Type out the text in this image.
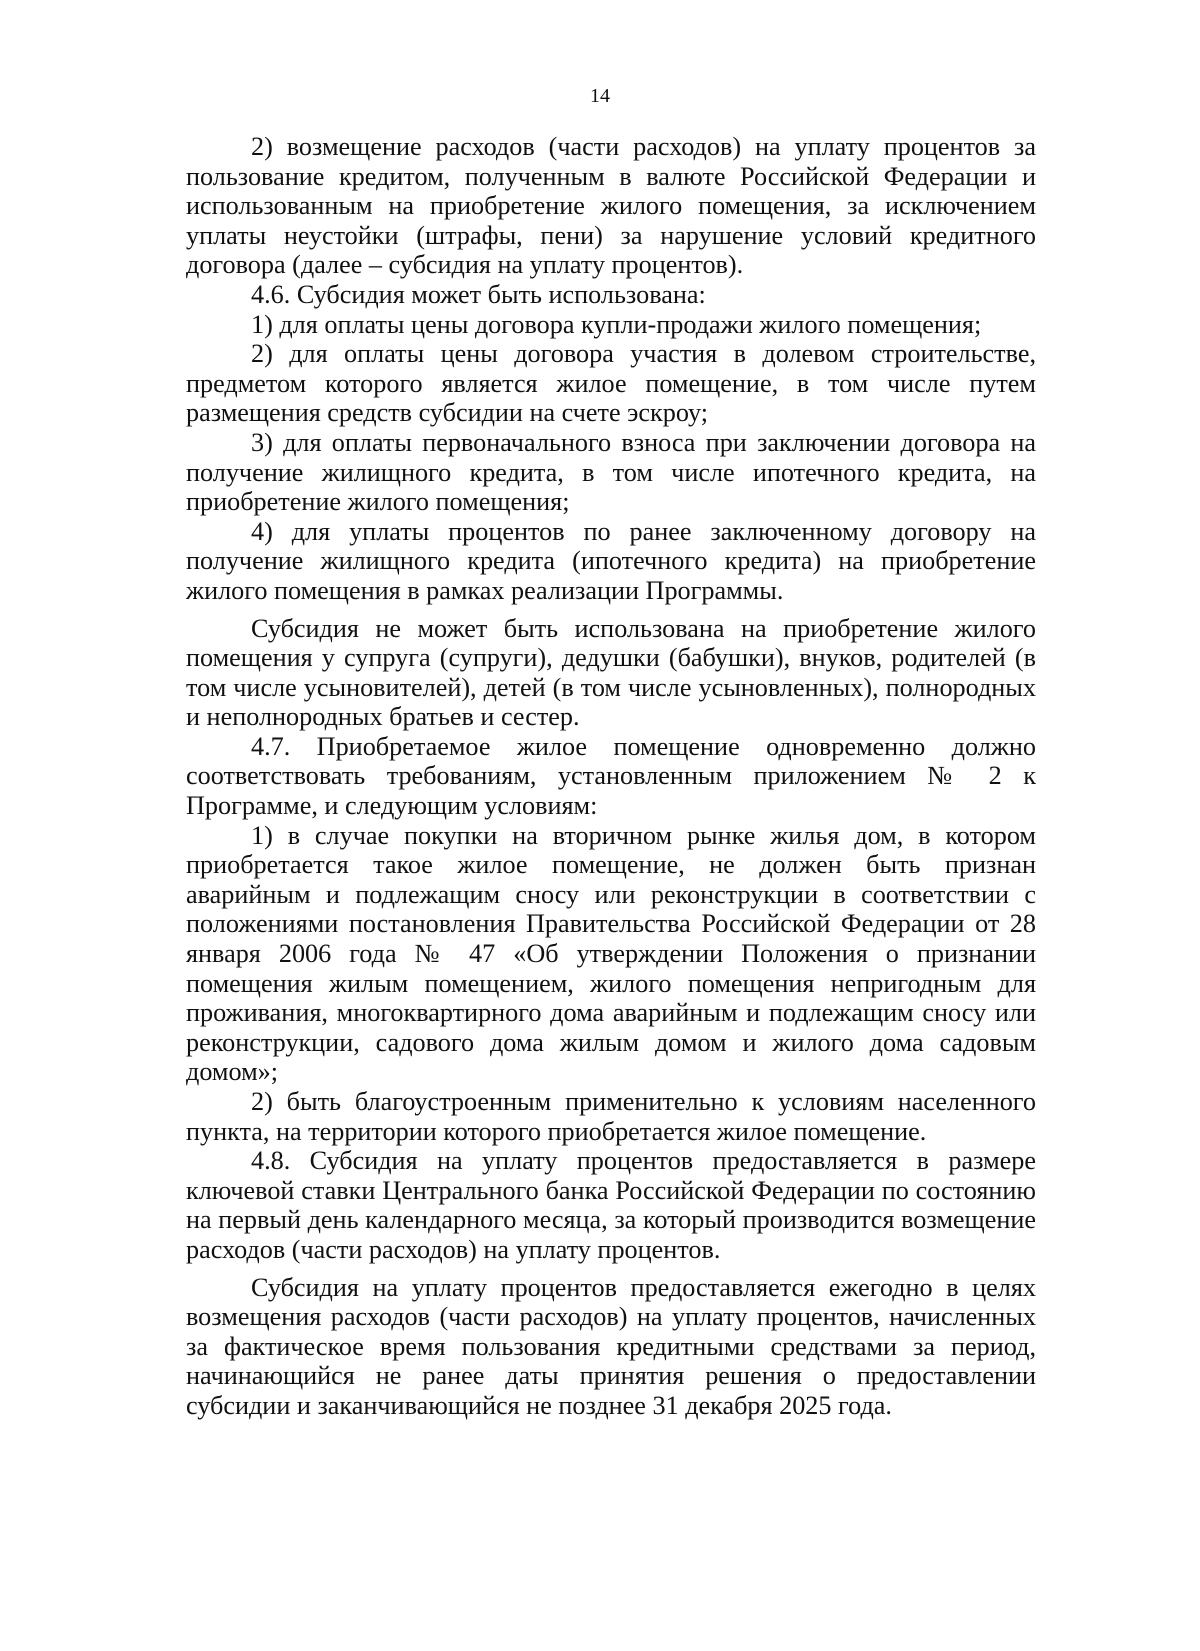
14

2) возмещение расходов (части расходов) на уплату процентов за пользование кредитом, полученным в валюте Российской Федерации и использованным на приобретение жилого помещения, за исключением уплаты неустойки (штрафы, пени) за нарушение условий кредитного договора (далее – субсидия на уплату процентов).

4.6. Субсидия может быть использована:

1) для оплаты цены договора купли-продажи жилого помещения;

2) для оплаты цены договора участия в долевом строительстве, предметом которого является жилое помещение, в том числе путем размещения средств субсидии на счете эскроу;

3) для оплаты первоначального взноса при заключении договора на получение жилищного кредита, в том числе ипотечного кредита, на приобретение жилого помещения;

4) для уплаты процентов по ранее заключенному договору на получение жилищного кредита (ипотечного кредита) на приобретение жилого помещения в рамках реализации Программы.

Субсидия не может быть использована на приобретение жилого помещения у супруга (супруги), дедушки (бабушки), внуков, родителей (в том числе усыновителей), детей (в том числе усыновленных), полнородных и неполнородных братьев и сестер.

4.7. Приобретаемое жилое помещение одновременно должно соответствовать требованиям, установленным приложением № 2 к Программе, и следующим условиям:

1) в случае покупки на вторичном рынке жилья дом, в котором приобретается такое жилое помещение, не должен быть признан аварийным и подлежащим сносу или реконструкции в соответствии с положениями постановления Правительства Российской Федерации от 28 января 2006 года № 47 «Об утверждении Положения о признании помещения жилым помещением, жилого помещения непригодным для проживания, многоквартирного дома аварийным и подлежащим сносу или реконструкции, садового дома жилым домом и жилого дома садовым домом»;

2) быть благоустроенным применительно к условиям населенного пункта, на территории которого приобретается жилое помещение.

4.8. Субсидия на уплату процентов предоставляется в размере ключевой ставки Центрального банка Российской Федерации по состоянию на первый день календарного месяца, за который производится возмещение расходов (части расходов) на уплату процентов.

Субсидия на уплату процентов предоставляется ежегодно в целях возмещения расходов (части расходов) на уплату процентов, начисленных за фактическое время пользования кредитными средствами за период, начинающийся не ранее даты принятия решения о предоставлении субсидии и заканчивающийся не позднее 31 декабря 2025 года.
